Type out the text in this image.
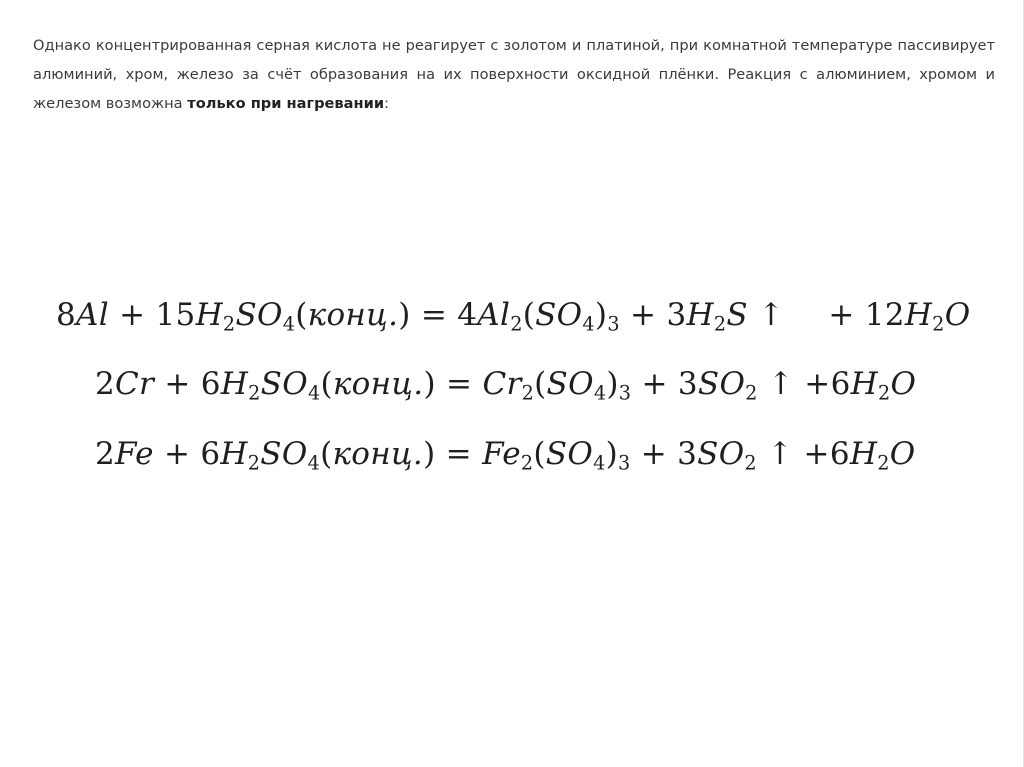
Однако концентрированная серная кислота не реагирует с золотом и платиной, при комнатной температуре пассивирует алюминий, хром, железо за счёт образования на их поверхности оксидной плёнки. Реакция с алюминием, хромом и железом возможна только при нагревании:

$8Al + 15H_2SO_4(конц.) = 4Al_2(SO_4)_3 + 3H_2S$ ↑ + $12H_2O$
$2Cr + 6H_2SO_4(конц.) = Cr_2(SO_4)_3 + 3SO_2$ ↑ $+6H_2O$
$2Fe + 6H_2SO_4(конц.) = Fe_2(SO_4)_3 + 3SO_2$ ↑ $+6H_2O$
